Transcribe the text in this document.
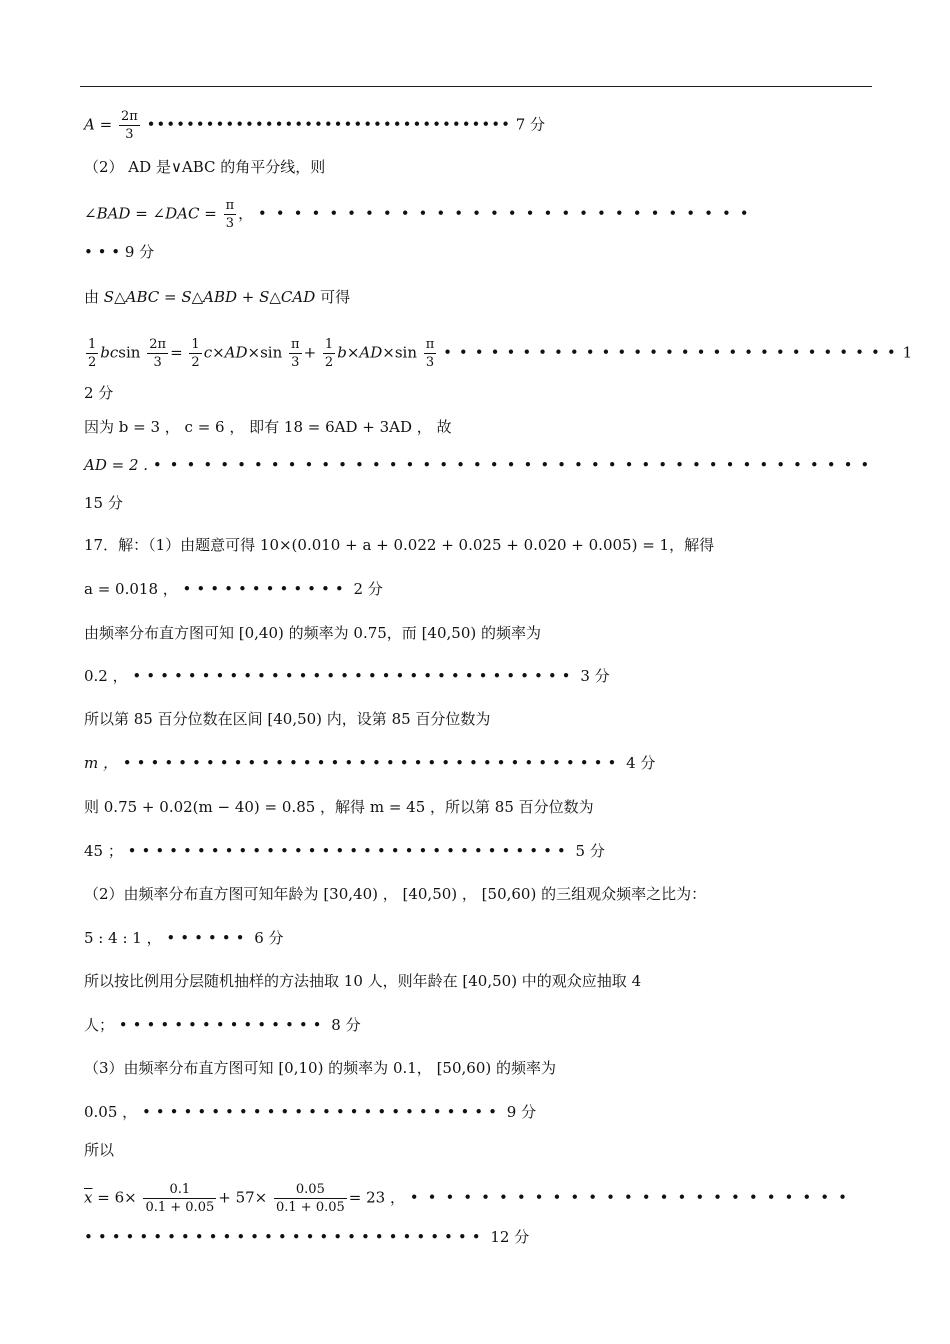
$A = \frac{2\pi}{3}$ ••••••••••••••••••••••••••••••••••••• 7 分
（2） AD 是∨ABC 的角平分线，则
∠BAD = ∠DAC = $\frac{\pi}{3}$ ， ••••••••••••••••••••••••••••
• • • 9 分
由 S△ABC = S△ABD + S△CAD 可得
$\frac{1}{2}$ bcsin $\frac{2\pi}{3} = \frac{1}{2} c\times AD\times\sin \frac{\pi}{3} + \frac{1}{2} b\times AD\times\sin \frac{\pi}{3}$ •••••••••••••••••••••••••••••1
2 分
因为 b = 3 ， c = 6 ， 即有 18 = 6AD + 3AD ， 故
AD = 2 . •••••••••••••••••••••••••••••••••••••••••••
15 分
17．解：（1）由题意可得 10×(0.010 + a + 0.022 + 0.025 + 0.020 + 0.005) = 1，解得
a = 0.018 ， •••••••••••• 2 分
由频率分布直方图可知 [0,40) 的频率为 0.75，而 [40,50) 的频率为
0.2 ， •••••••••••••••••••••••••••••••• 3 分
所以第 85 百分位数在区间 [40,50) 内，设第 85 百分位数为
m ， •••••••••••••••••••••••••••••••••••• 4 分
则 0.75 + 0.02(m − 40) = 0.85 ，解得 m = 45 ，所以第 85 百分位数为
45 ； •••••••••••••••••••••••••••••••• 5 分
（2）由频率分布直方图可知年龄为 [30,40) ， [40,50) ， [50,60) 的三组观众频率之比为：
5 : 4 : 1 ， •••••• 6 分
所以按比例用分层随机抽样的方法抽取 10 人，则年龄在 [40,50) 中的观众应抽取 4
人； ••••••••••••••• 8 分
（3）由频率分布直方图可知 [0,10) 的频率为 0.1， [50,60) 的频率为
0.05 ， •••••••••••••••••••••••••• 9 分
所以
$\overline{x} = 6\times \frac{0.1}{0.1 + 0.05} + 57\times \frac{0.05}{0.1 + 0.05} = 23$ ， •••••••••••••••••••••••••
••••••••••••••••••••••••••••• 12 分
